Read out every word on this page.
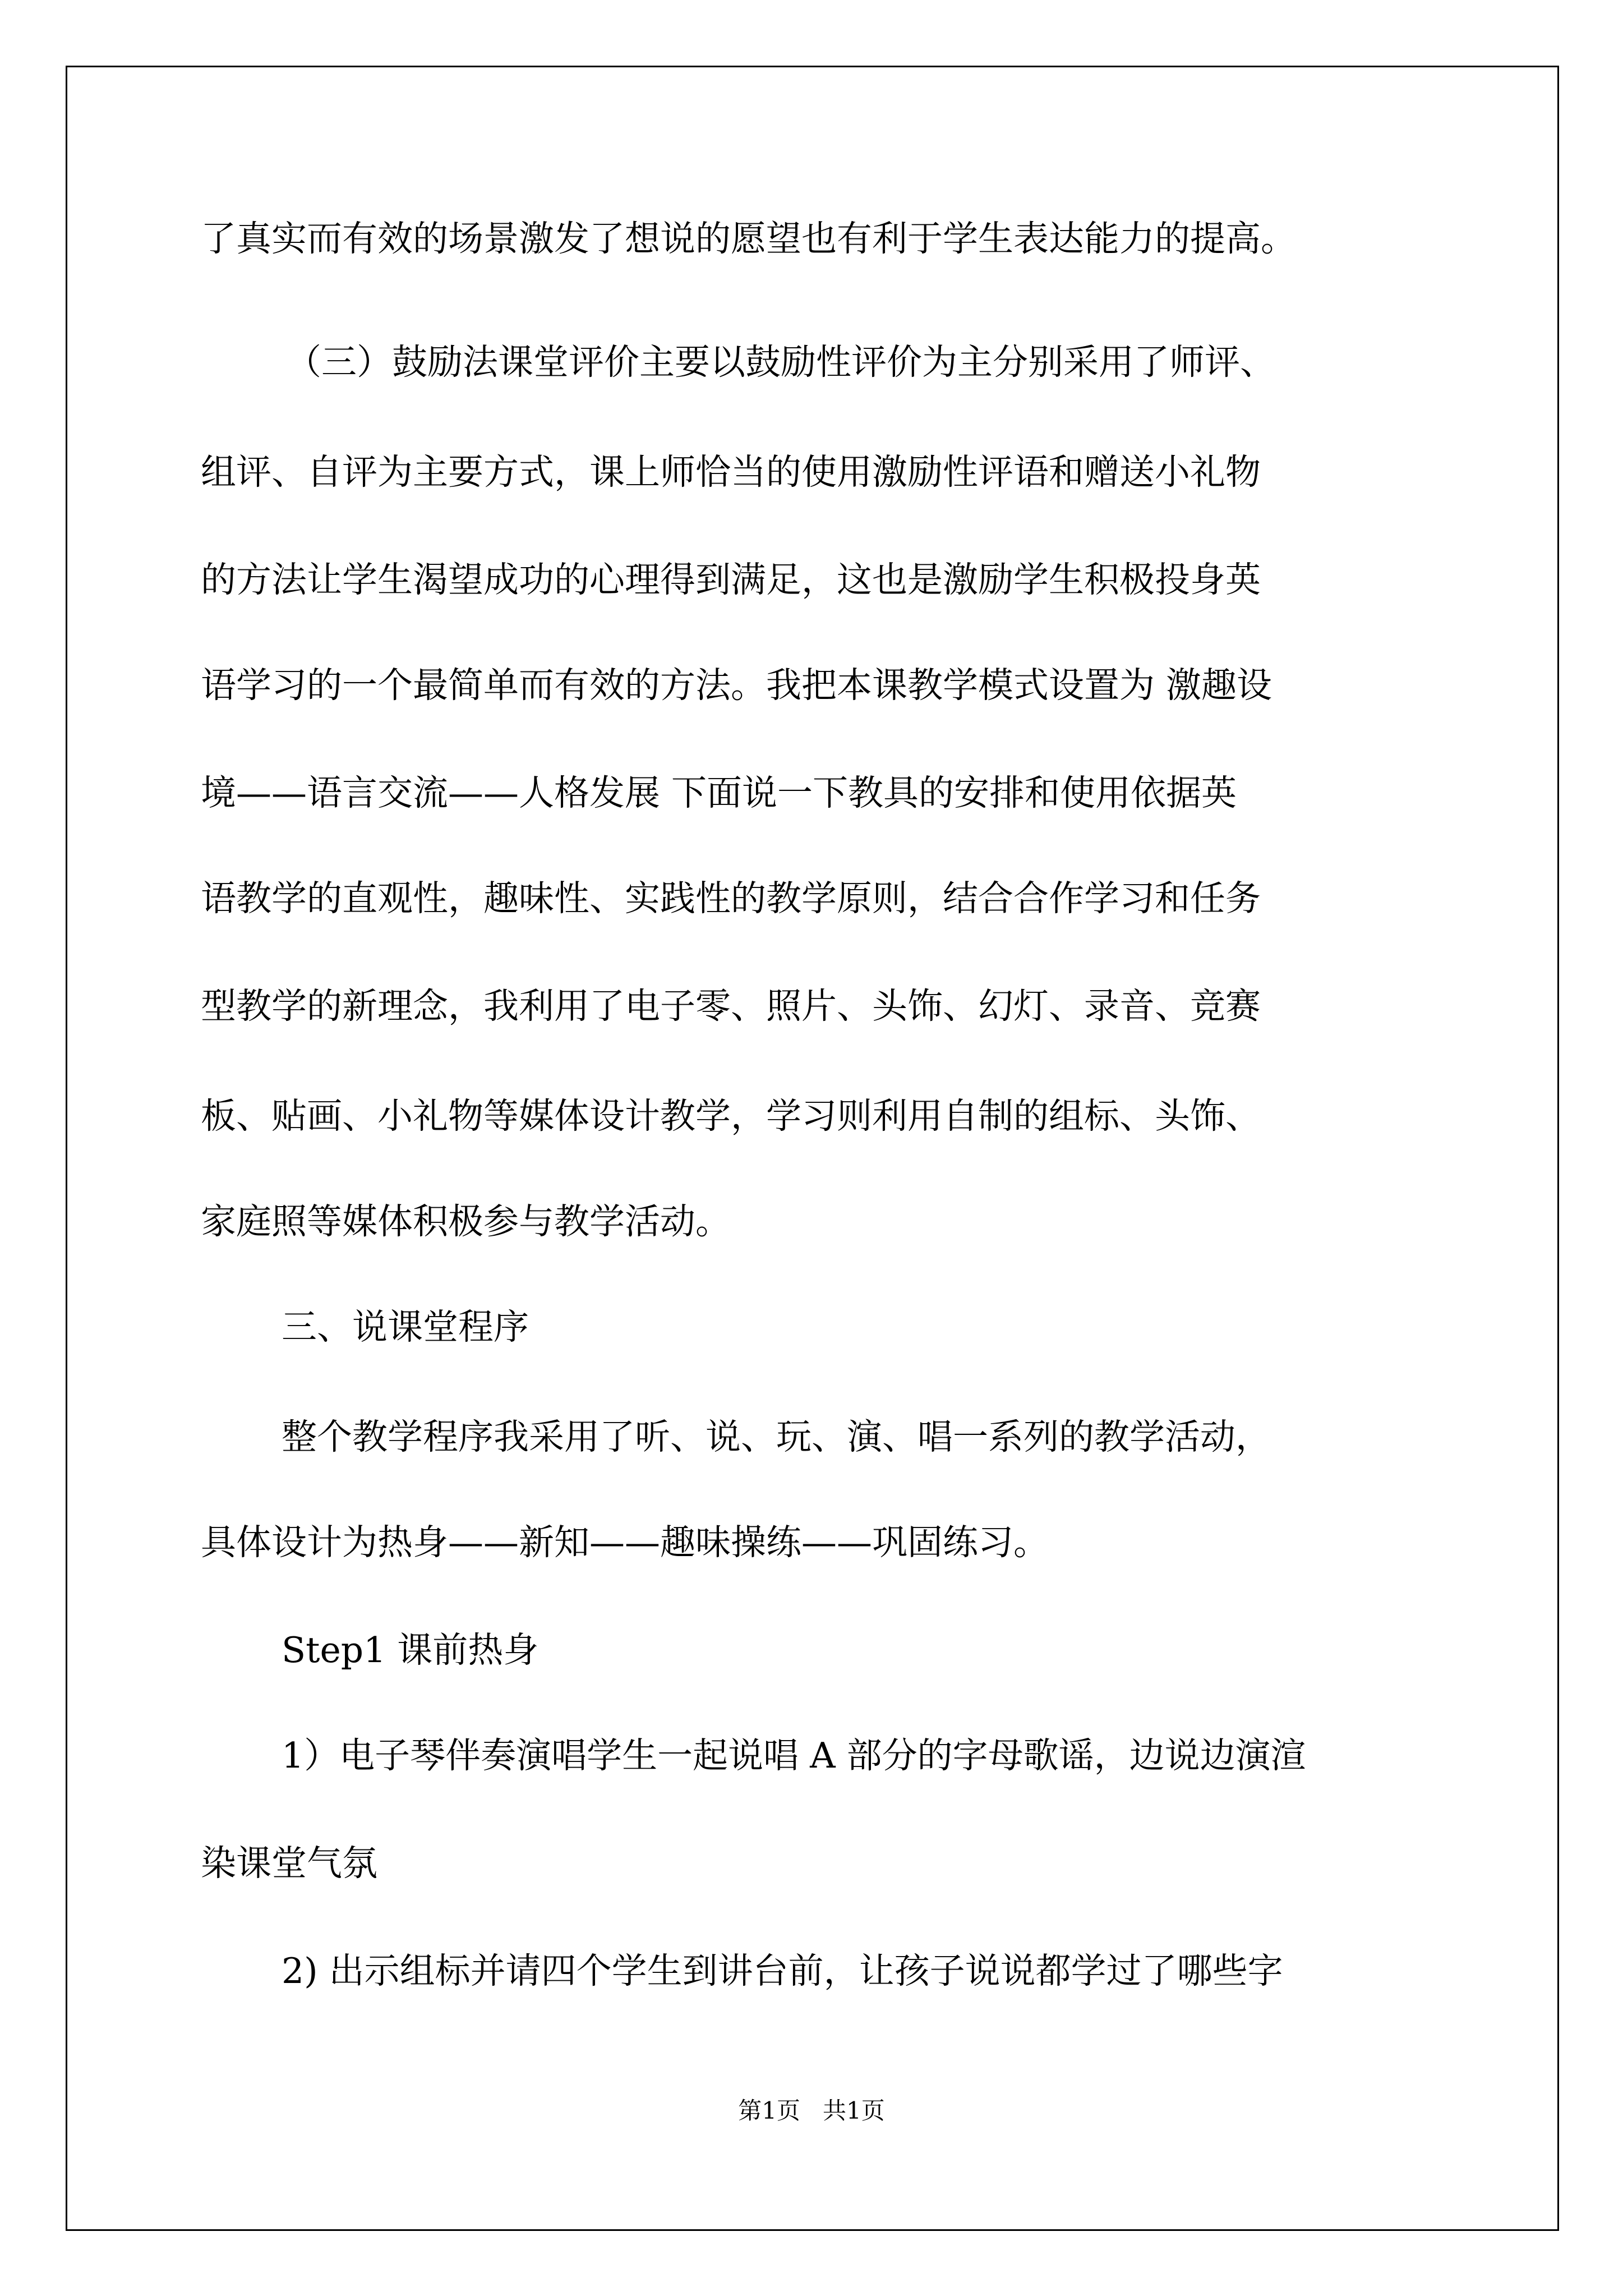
了真实而有效的场景激发了想说的愿望也有利于学生表达能力的提高。
（三）鼓励法课堂评价主要以鼓励性评价为主分别采用了师评、
组评、自评为主要方式，课上师恰当的使用激励性评语和赠送小礼物
的方法让学生渴望成功的心理得到满足，这也是激励学生积极投身英
语学习的一个最简单而有效的方法。我把本课教学模式设置为 激趣设
境——语言交流——人格发展 下面说一下教具的安排和使用依据英
语教学的直观性，趣味性、实践性的教学原则，结合合作学习和任务
型教学的新理念，我利用了电子零、照片、头饰、幻灯、录音、竞赛
板、贴画、小礼物等媒体设计教学，学习则利用自制的组标、头饰、
家庭照等媒体积极参与教学活动。
三、说课堂程序
整个教学程序我采用了听、说、玩、演、唱一系列的教学活动，
具体设计为热身——新知——趣味操练——巩固练习。
Step1 课前热身
1）电子琴伴奏演唱学生一起说唱 A 部分的字母歌谣，边说边演渲
染课堂气氛
2) 出示组标并请四个学生到讲台前，让孩子说说都学过了哪些字
第1页   共1页
